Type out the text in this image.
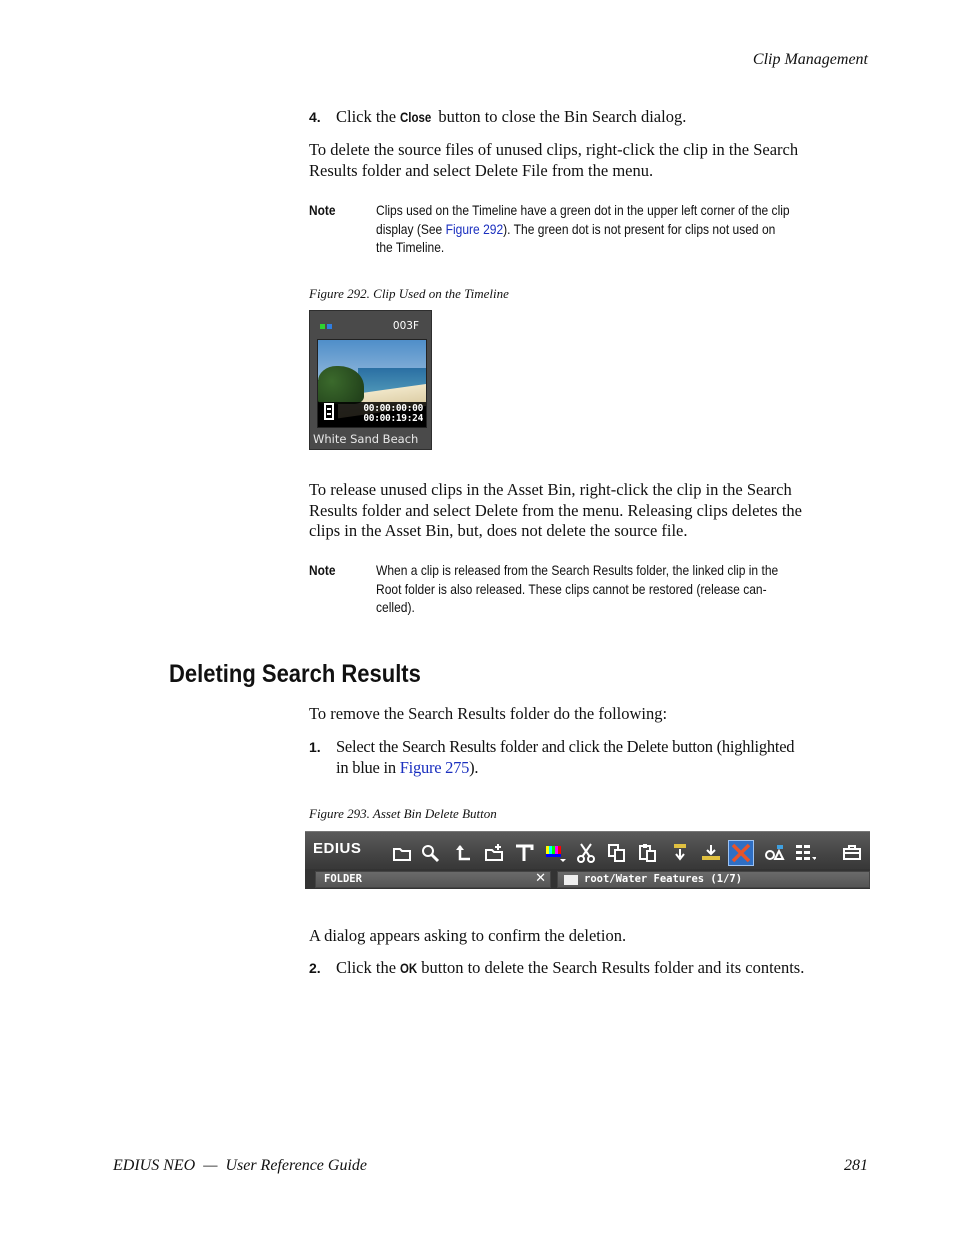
Clip Management
4. Click the Close button to close the Bin Search dialog.
To delete the source files of unused clips, right-click the clip in the Search
Results folder and select Delete File from the menu.
Note	Clips used on the Timeline have a green dot in the upper left corner of the clip
display (See Figure 292). The green dot is not present for clips not used on
the Timeline.
Figure 292. Clip Used on the Timeline
003F
00:00:00:00
00:00:19:24
White Sand Beach
To release unused clips in the Asset Bin, right-click the clip in the Search
Results folder and select Delete from the menu. Releasing clips deletes the
clips in the Asset Bin, but, does not delete the source file.
Note	When a clip is released from the Search Results folder, the linked clip in the
Root folder is also released. These clips cannot be restored (release can-
celled).
Deleting Search Results
To remove the Search Results folder do the following:
1. Select the Search Results folder and click the Delete button (highlighted
in blue in Figure 275).
Figure 293. Asset Bin Delete Button
EDIUS
FOLDER	✕	root/Water Features (1/7)
A dialog appears asking to confirm the deletion.
2. Click the OK button to delete the Search Results folder and its contents.
EDIUS NEO  —  User Reference Guide	281
